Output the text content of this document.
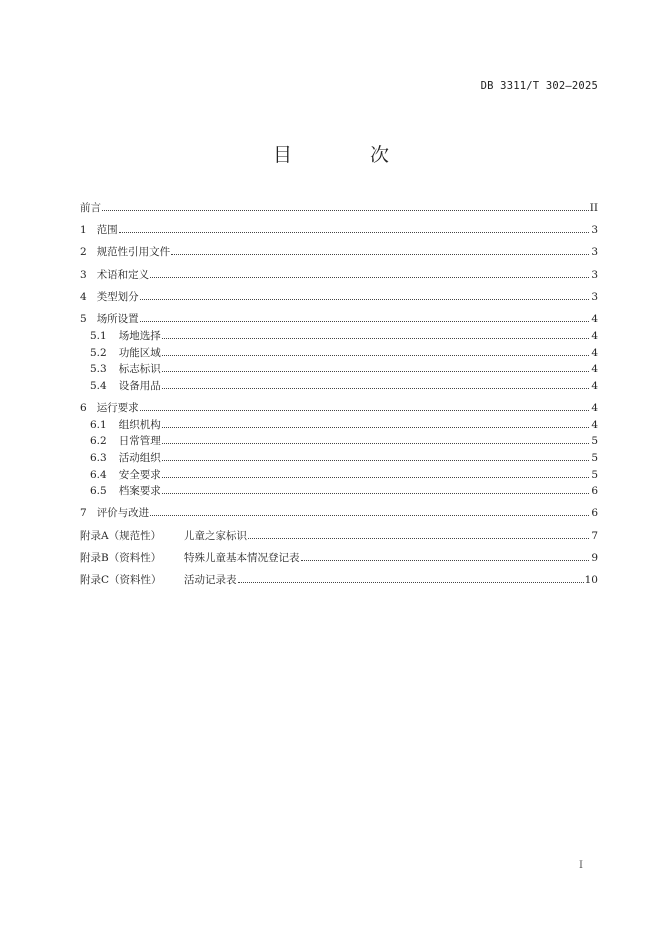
DB 3311/T 302—2025
目 次
前言	II
1 范围	3
2 规范性引用文件	3
3 术语和定义	3
4 类型划分	3
5 场所设置	4
5.1 场地选择	4
5.2 功能区域	4
5.3 标志标识	4
5.4 设备用品	4
6 运行要求	4
6.1 组织机构	4
6.2 日常管理	5
6.3 活动组织	5
6.4 安全要求	5
6.5 档案要求	6
7 评价与改进	6
附录A（规范性）	儿童之家标识	7
附录B（资料性）	特殊儿童基本情况登记表	9
附录C（资料性）	活动记录表	10
I
